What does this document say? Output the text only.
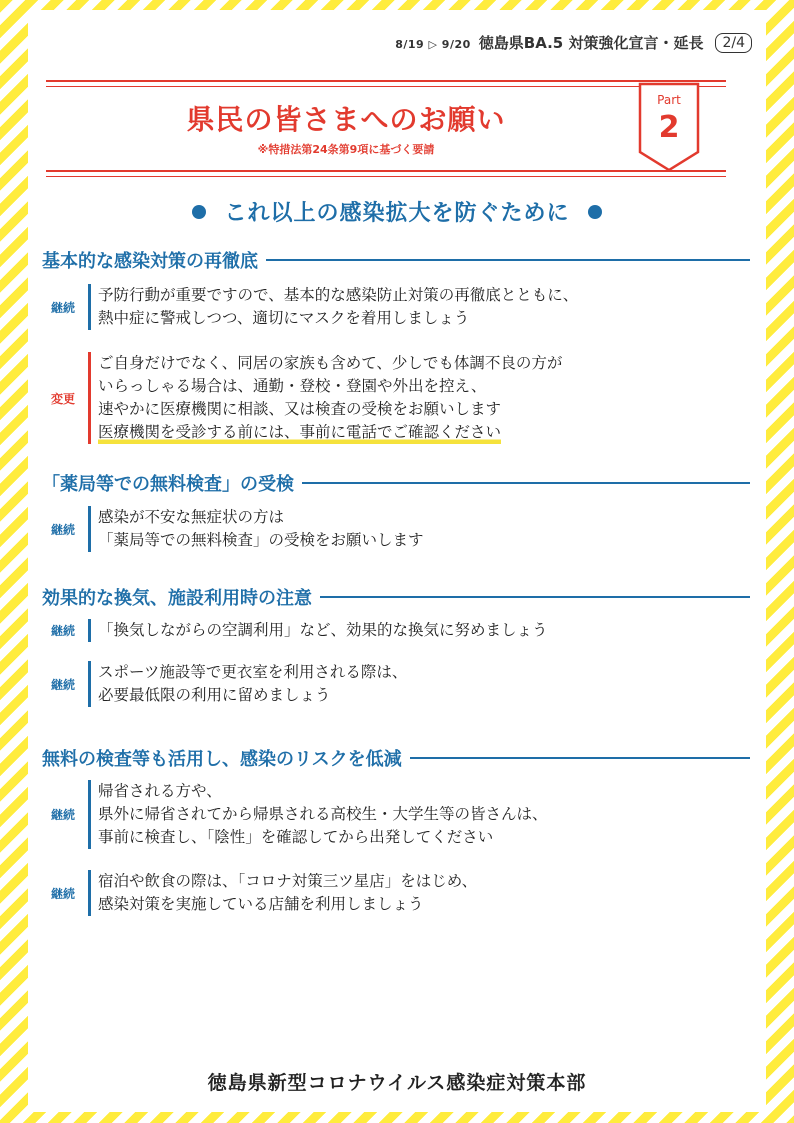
8/19 ▷ 9/20 徳島県BA.5 対策強化宣言・延長	2/4
県民の皆さまへのお願い
※特措法第24条第9項に基づく要請
Part
2
これ以上の感染拡大を防ぐために
基本的な感染対策の再徹底
継続
予防行動が重要ですので、基本的な感染防止対策の再徹底とともに、
熱中症に警戒しつつ、適切にマスクを着用しましょう
変更
ご自身だけでなく、同居の家族も含めて、少しでも体調不良の方が
いらっしゃる場合は、通勤・登校・登園や外出を控え、
速やかに医療機関に相談、又は検査の受検をお願いします
医療機関を受診する前には、事前に電話でご確認ください
「薬局等での無料検査」の受検
継続
感染が不安な無症状の方は
「薬局等での無料検査」の受検をお願いします
効果的な換気、施設利用時の注意
継続	「換気しながらの空調利用」など、効果的な換気に努めましょう
継続
スポーツ施設等で更衣室を利用される際は、
必要最低限の利用に留めましょう
無料の検査等も活用し、感染のリスクを低減
継続
帰省される方や、
県外に帰省されてから帰県される高校生・大学生等の皆さんは、
事前に検査し、「陰性」を確認してから出発してください
継続
宿泊や飲食の際は、「コロナ対策三ツ星店」をはじめ、
感染対策を実施している店舗を利用しましょう
徳島県新型コロナウイルス感染症対策本部
